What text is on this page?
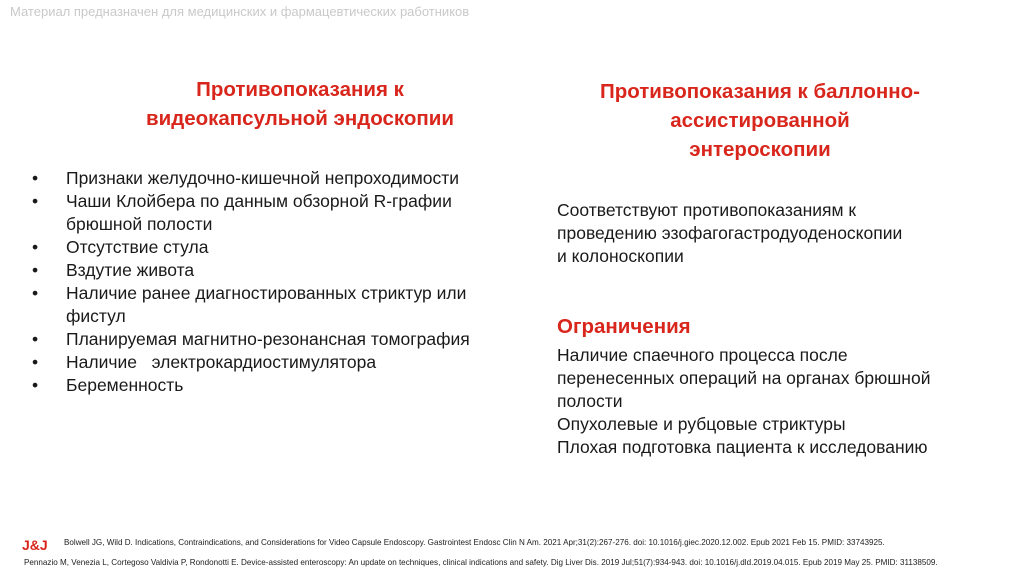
Материал предназначен для медицинских и фармацевтических работников
Противопоказания к
видеокапсульной эндоскопии
• Признаки желудочно-кишечной непроходимости
• Чаши Клойбера по данным обзорной R-графии
брюшной полости
• Отсутствие стула
• Вздутие живота
• Наличие ранее диагностированных стриктур или
фистул
• Планируемая магнитно-резонансная томография
• Наличие   электрокардиостимулятора
• Беременность
Противопоказания к баллонно-
ассистированной
энтероскопии
Соответствуют противопоказаниям к
проведению эзофагогастродуоденоскопии
и колоноскопии
Ограничения
Наличие спаечного процесса после
перенесенных операций на органах брюшной
полости
Опухолевые и рубцовые стриктуры
Плохая подготовка пациента к исследованию
J&J Bolwell JG, Wild D. Indications, Contraindications, and Considerations for Video Capsule Endoscopy. Gastrointest Endosc Clin N Am. 2021 Apr;31(2):267-276. doi: 10.1016/j.giec.2020.12.002. Epub 2021 Feb 15. PMID: 33743925.
Pennazio M, Venezia L, Cortegoso Valdivia P, Rondonotti E. Device-assisted enteroscopy: An update on techniques, clinical indications and safety. Dig Liver Dis. 2019 Jul;51(7):934-943. doi: 10.1016/j.dld.2019.04.015. Epub 2019 May 25. PMID: 31138509.
